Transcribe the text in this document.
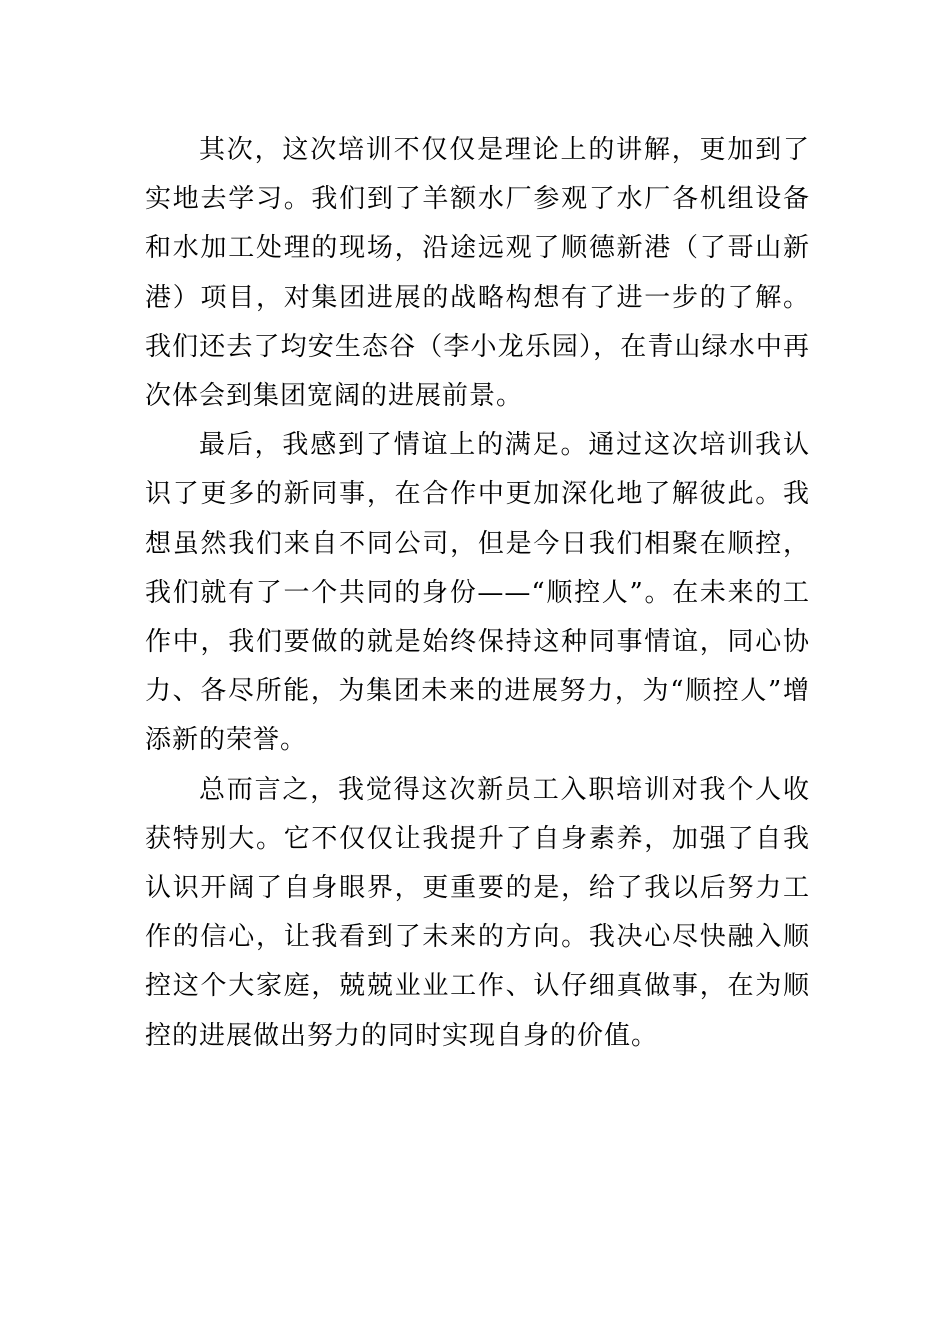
其次，这次培训不仅仅是理论上的讲解，更加到了实地去学习。我们到了羊额水厂参观了水厂各机组设备和水加工处理的现场，沿途远观了顺德新港（了哥山新港）项目，对集团进展的战略构想有了进一步的了解。我们还去了均安生态谷（李小龙乐园），在青山绿水中再次体会到集团宽阔的进展前景。

最后，我感到了情谊上的满足。通过这次培训我认识了更多的新同事，在合作中更加深化地了解彼此。我想虽然我们来自不同公司，但是今日我们相聚在顺控，我们就有了一个共同的身份——“顺控人”。在未来的工作中，我们要做的就是始终保持这种同事情谊，同心协力、各尽所能，为集团未来的进展努力，为“顺控人”增添新的荣誉。

总而言之，我觉得这次新员工入职培训对我个人收获特别大。它不仅仅让我提升了自身素养，加强了自我认识开阔了自身眼界，更重要的是，给了我以后努力工作的信心，让我看到了未来的方向。我决心尽快融入顺控这个大家庭，兢兢业业工作、认仔细真做事，在为顺控的进展做出努力的同时实现自身的价值。
